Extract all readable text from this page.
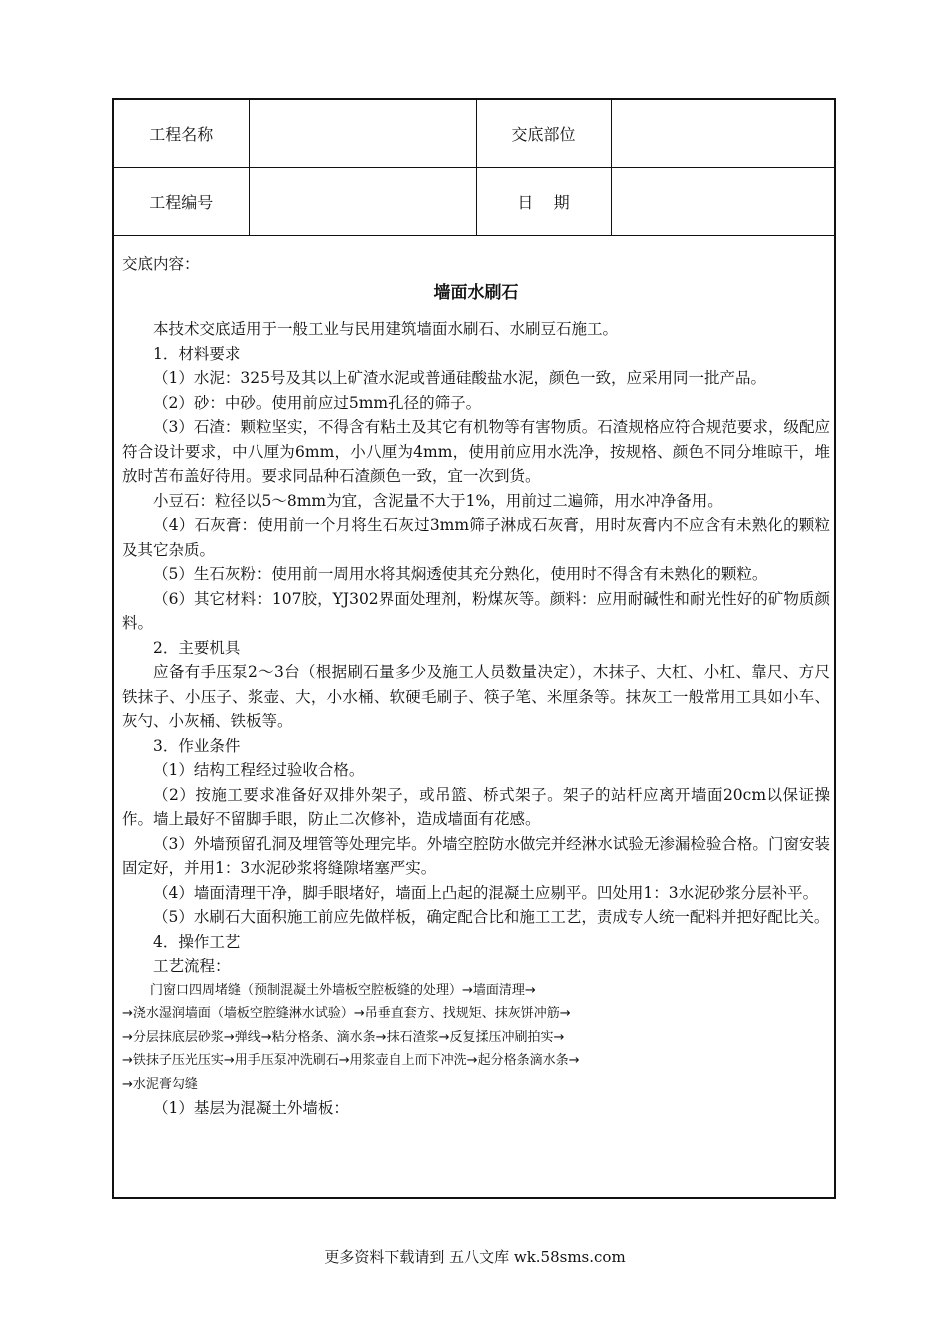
工程名称		交底部位	
工程编号		日    期	

交底内容：

墙面水刷石

本技术交底适用于一般工业与民用建筑墙面水刷石、水刷豆石施工。

1．材料要求

（1）水泥：325号及其以上矿渣水泥或普通硅酸盐水泥，颜色一致，应采用同一批产品。

（2）砂：中砂。使用前应过5mm孔径的筛子。

（3）石渣：颗粒坚实，不得含有粘土及其它有机物等有害物质。石渣规格应符合规范要求，级配应符合设计要求，中八厘为6mm，小八厘为4mm，使用前应用水洗净，按规格、颜色不同分堆晾干，堆放时苫布盖好待用。要求同品种石渣颜色一致，宜一次到货。

小豆石：粒径以5～8mm为宜，含泥量不大于1%，用前过二遍筛，用水冲净备用。

（4）石灰膏：使用前一个月将生石灰过3mm筛子淋成石灰膏，用时灰膏内不应含有未熟化的颗粒及其它杂质。

（5）生石灰粉：使用前一周用水将其焖透使其充分熟化，使用时不得含有未熟化的颗粒。

（6）其它材料：107胶，YJ302界面处理剂，粉煤灰等。颜料：应用耐碱性和耐光性好的矿物质颜料。

2．主要机具

应备有手压泵2～3台（根据刷石量多少及施工人员数量决定），木抹子、大杠、小杠、靠尺、方尺铁抹子、小压子、浆壶、大，小水桶、软硬毛刷子、筷子笔、米厘条等。抹灰工一般常用工具如小车、灰勺、小灰桶、铁板等。

3．作业条件

（1）结构工程经过验收合格。

（2）按施工要求准备好双排外架子，或吊篮、桥式架子。架子的站杆应离开墙面20cm以保证操作。墙上最好不留脚手眼，防止二次修补，造成墙面有花感。

（3）外墙预留孔洞及埋管等处理完毕。外墙空腔防水做完并经淋水试验无渗漏检验合格。门窗安装固定好，并用1：3水泥砂浆将缝隙堵塞严实。

（4）墙面清理干净，脚手眼堵好，墙面上凸起的混凝土应剔平。凹处用1：3水泥砂浆分层补平。

（5）水刷石大面积施工前应先做样板，确定配合比和施工工艺，责成专人统一配料并把好配比关。

4．操作工艺

工艺流程：

门窗口四周堵缝（预制混凝土外墙板空腔板缝的处理）→墙面清理→

→浇水湿润墙面（墙板空腔缝淋水试验）→吊垂直套方、找规矩、抹灰饼冲筋→

→分层抹底层砂浆→弹线→粘分格条、滴水条→抹石渣浆→反复揉压冲刷拍实→

→铁抹子压光压实→用手压泵冲洗刷石→用浆壶自上而下冲洗→起分格条滴水条→

→水泥膏勾缝

（1）基层为混凝土外墙板：

更多资料下载请到 五八文库 wk.58sms.com
